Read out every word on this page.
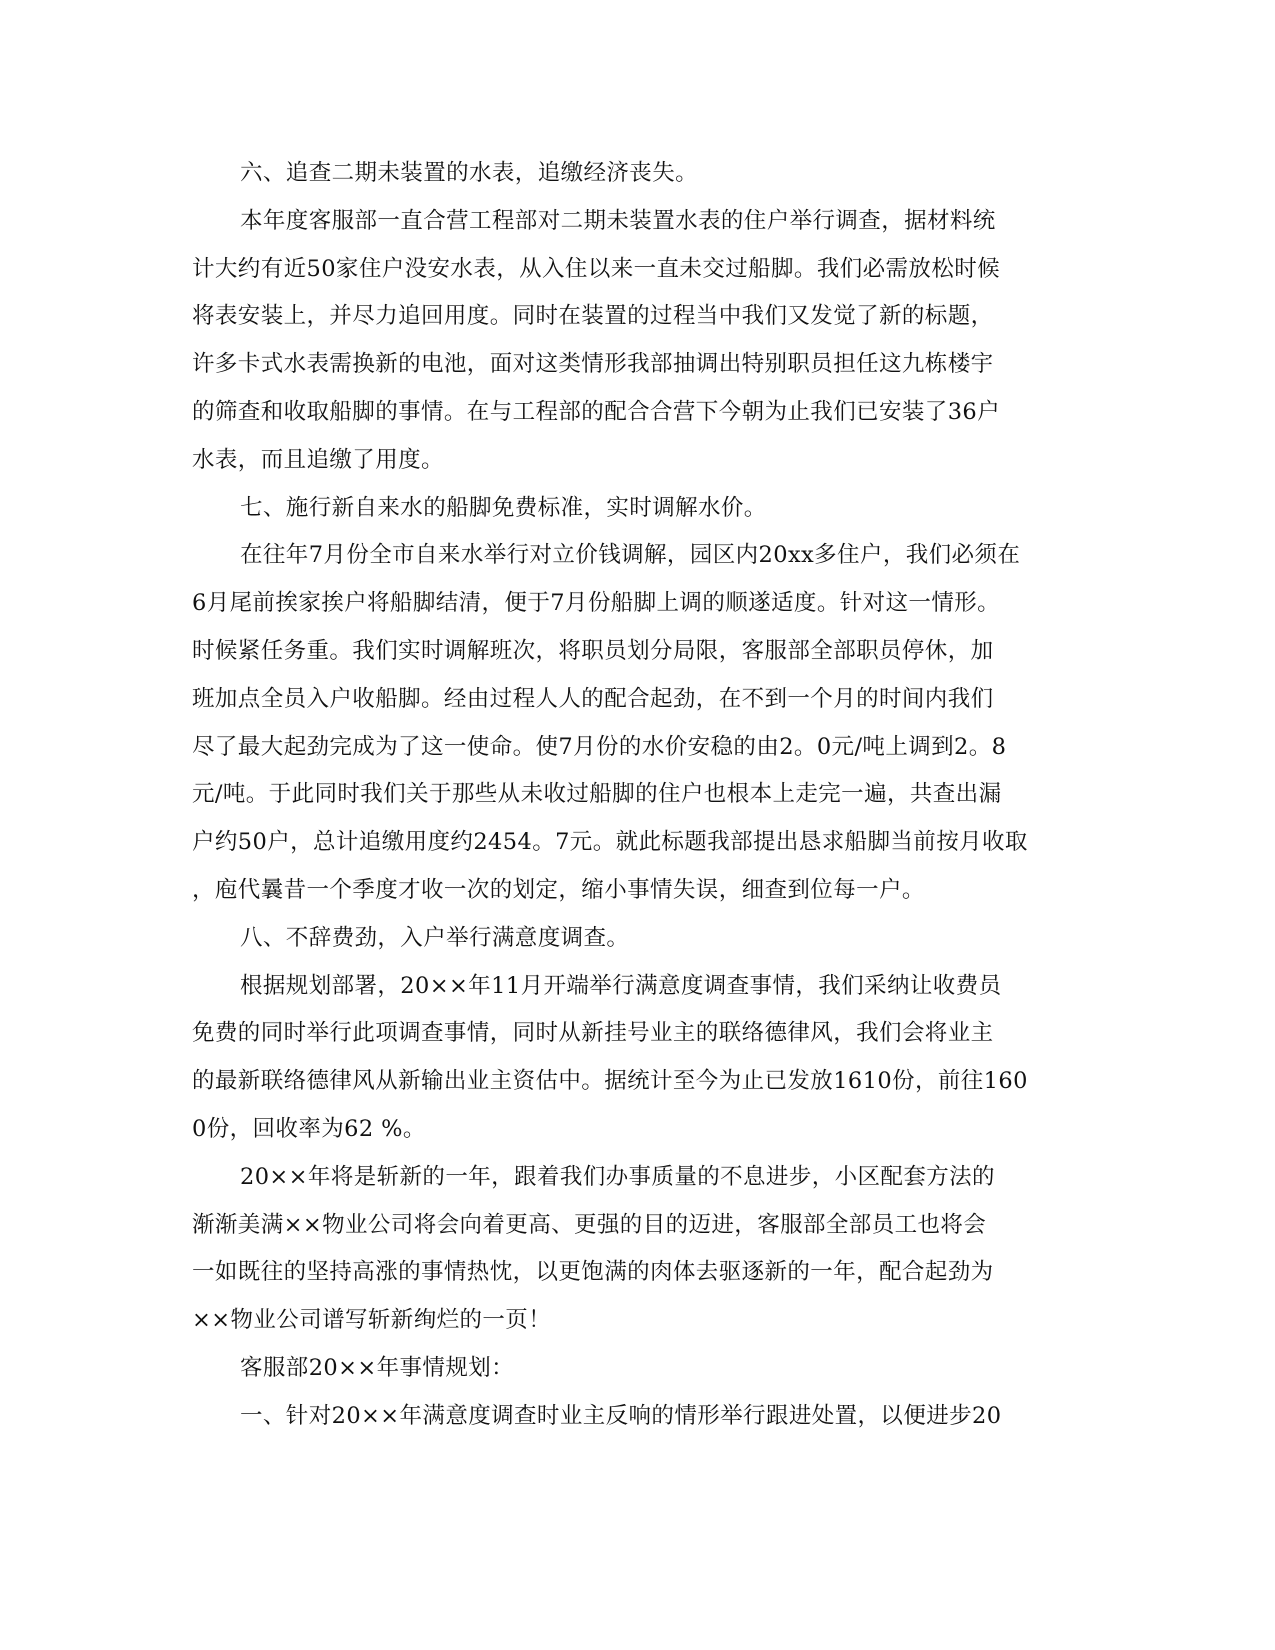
六、追查二期未装置的水表，追缴经济丧失。
本年度客服部一直合营工程部对二期未装置水表的住户举行调查，据材料统
计大约有近50家住户没安水表，从入住以来一直未交过船脚。我们必需放松时候
将表安装上，并尽力追回用度。同时在装置的过程当中我们又发觉了新的标题，
许多卡式水表需换新的电池，面对这类情形我部抽调出特别职员担任这九栋楼宇
的筛查和收取船脚的事情。在与工程部的配合合营下今朝为止我们已安装了36户
水表，而且追缴了用度。
七、施行新自来水的船脚免费标准，实时调解水价。
在往年7月份全市自来水举行对立价钱调解，园区内20xx多住户，我们必须在
6月尾前挨家挨户将船脚结清，便于7月份船脚上调的顺遂适度。针对这一情形。
时候紧任务重。我们实时调解班次，将职员划分局限，客服部全部职员停休，加
班加点全员入户收船脚。经由过程人人的配合起劲，在不到一个月的时间内我们
尽了最大起劲完成为了这一使命。使7月份的水价安稳的由2。0元/吨上调到2。8
元/吨。于此同时我们关于那些从未收过船脚的住户也根本上走完一遍，共查出漏
户约50户，总计追缴用度约2454。7元。就此标题我部提出恳求船脚当前按月收取
，庖代曩昔一个季度才收一次的划定，缩小事情失误，细查到位每一户。
八、不辞费劲，入户举行满意度调查。
根据规划部署，20××年11月开端举行满意度调查事情，我们采纳让收费员
免费的同时举行此项调查事情，同时从新挂号业主的联络德律风，我们会将业主
的最新联络德律风从新输出业主资估中。据统计至今为止已发放1610份，前往160
0份，回收率为62 %。
20××年将是斩新的一年，跟着我们办事质量的不息进步，小区配套方法的
渐渐美满××物业公司将会向着更高、更强的目的迈进，客服部全部员工也将会
一如既往的坚持高涨的事情热忱，以更饱满的肉体去驱逐新的一年，配合起劲为
××物业公司谱写斩新绚烂的一页！
客服部20××年事情规划：
一、针对20××年满意度调查时业主反响的情形举行跟进处置，以便进步20
